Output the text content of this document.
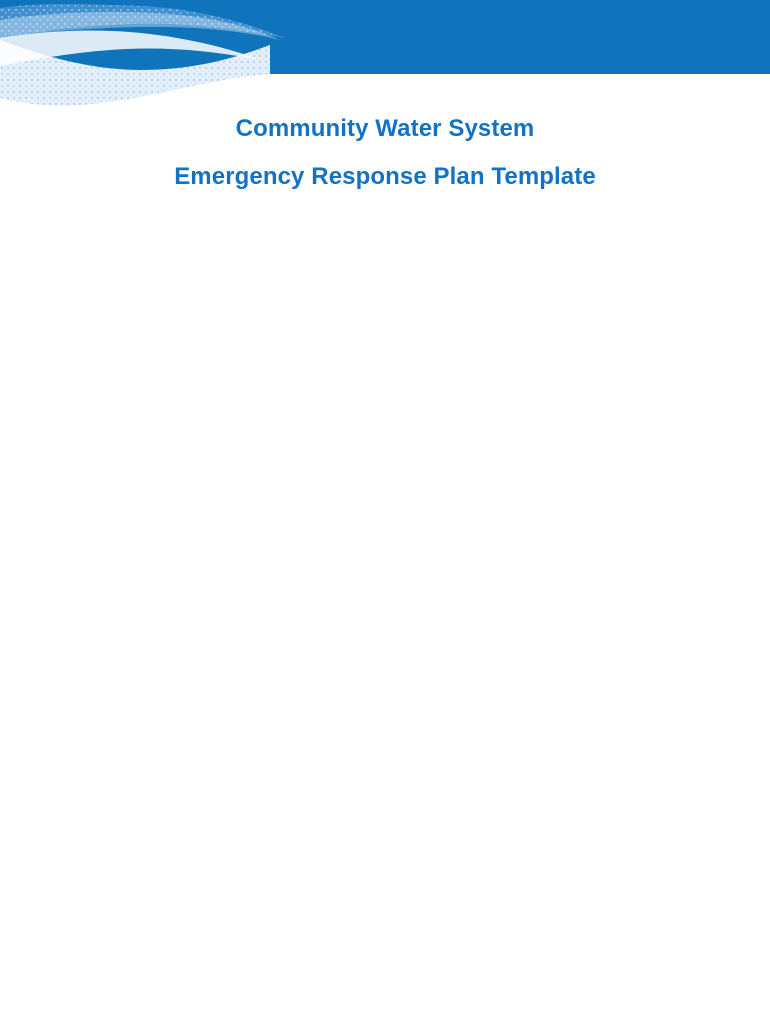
Community Water System

Emergency Response Plan Template
